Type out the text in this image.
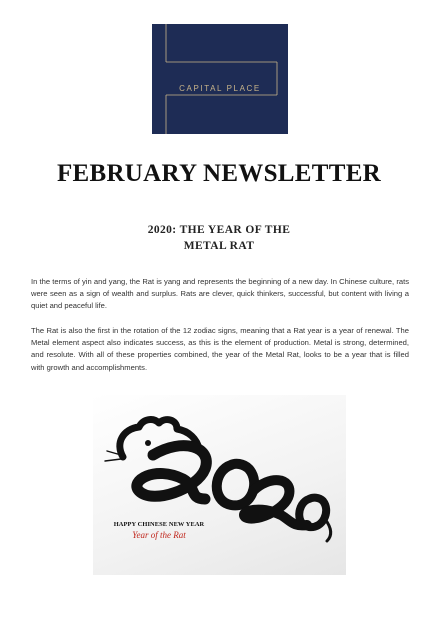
CAPITAL PLACE
FEBRUARY NEWSLETTER
2020: THE YEAR OF THE
METAL RAT
In the terms of yin and yang, the Rat is yang and represents the beginning of a new day. In Chinese culture, rats were seen as a sign of wealth and surplus. Rats are clever, quick thinkers, successful, but content with living a quiet and peaceful life.
The Rat is also the first in the rotation of the 12 zodiac signs, meaning that a Rat year is a year of renewal. The Metal element aspect also indicates success, as this is the element of production. Metal is strong, determined, and resolute. With all of these properties combined, the year of the Metal Rat, looks to be a year that is filled with growth and accomplishments.
HAPPY CHINESE NEW YEAR
Year of the Rat
